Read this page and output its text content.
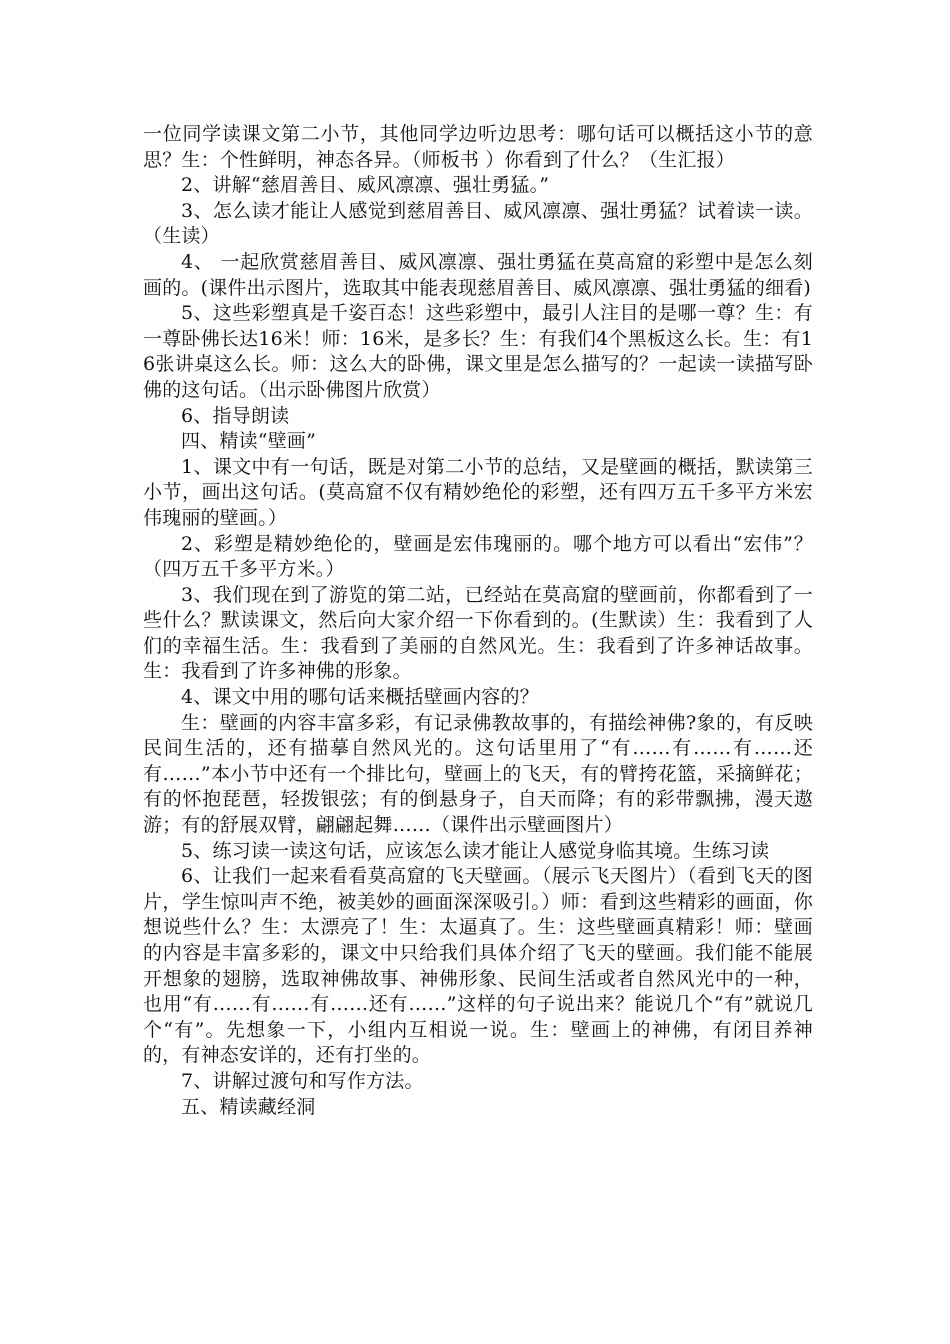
一位同学读课文第二小节，其他同学边听边思考：哪句话可以概括这小节的意思？生：个性鲜明，神态各异。（师板书 ）你看到了什么？（生汇报）

2、讲解“慈眉善目、威风凛凛、强壮勇猛。”

3、怎么读才能让人感觉到慈眉善目、威风凛凛、强壮勇猛？试着读一读。（生读）

4、 一起欣赏慈眉善目、威风凛凛、强壮勇猛在莫高窟的彩塑中是怎么刻画的。(课件出示图片，选取其中能表现慈眉善目、威风凛凛、强壮勇猛的细看)

5、这些彩塑真是千姿百态！这些彩塑中，最引人注目的是哪一尊？生：有一尊卧佛长达16米！师：16米，是多长？生：有我们4个黑板这么长。生：有16张讲桌这么长。师：这么大的卧佛，课文里是怎么描写的？一起读一读描写卧佛的这句话。（出示卧佛图片欣赏）

6、指导朗读

四、精读“壁画”

1、课文中有一句话，既是对第二小节的总结，又是壁画的概括，默读第三小节，画出这句话。(莫高窟不仅有精妙绝伦的彩塑，还有四万五千多平方米宏伟瑰丽的壁画。）

2、彩塑是精妙绝伦的，壁画是宏伟瑰丽的。哪个地方可以看出“宏伟”？（四万五千多平方米。）

3、我们现在到了游览的第二站，已经站在莫高窟的壁画前，你都看到了一些什么？默读课文，然后向大家介绍一下你看到的。(生默读）生：我看到了人们的幸福生活。生：我看到了美丽的自然风光。生：我看到了许多神话故事。生：我看到了许多神佛的形象。

4、课文中用的哪句话来概括壁画内容的？

生：壁画的内容丰富多彩，有记录佛教故事的，有描绘神佛?象的，有反映民间生活的，还有描摹自然风光的。这句话里用了“有……有……有……还有……”本小节中还有一个排比句，壁画上的飞天，有的臂挎花篮，采摘鲜花；有的怀抱琵琶，轻拨银弦；有的倒悬身子，自天而降；有的彩带飘拂，漫天遨游；有的舒展双臂，翩翩起舞……（课件出示壁画图片）

5、练习读一读这句话，应该怎么读才能让人感觉身临其境。生练习读

6、让我们一起来看看莫高窟的飞天壁画。（展示飞天图片）（看到飞天的图片，学生惊叫声不绝，被美妙的画面深深吸引。）师：看到这些精彩的画面，你想说些什么？生：太漂亮了！生：太逼真了。生：这些壁画真精彩！师：壁画的内容是丰富多彩的，课文中只给我们具体介绍了飞天的壁画。我们能不能展开想象的翅膀，选取神佛故事、神佛形象、民间生活或者自然风光中的一种，也用“有……有……有……还有……”这样的句子说出来？能说几个“有”就说几个“有”。先想象一下，小组内互相说一说。生：壁画上的神佛，有闭目养神的，有神态安详的，还有打坐的。

7、讲解过渡句和写作方法。

五、精读藏经洞
